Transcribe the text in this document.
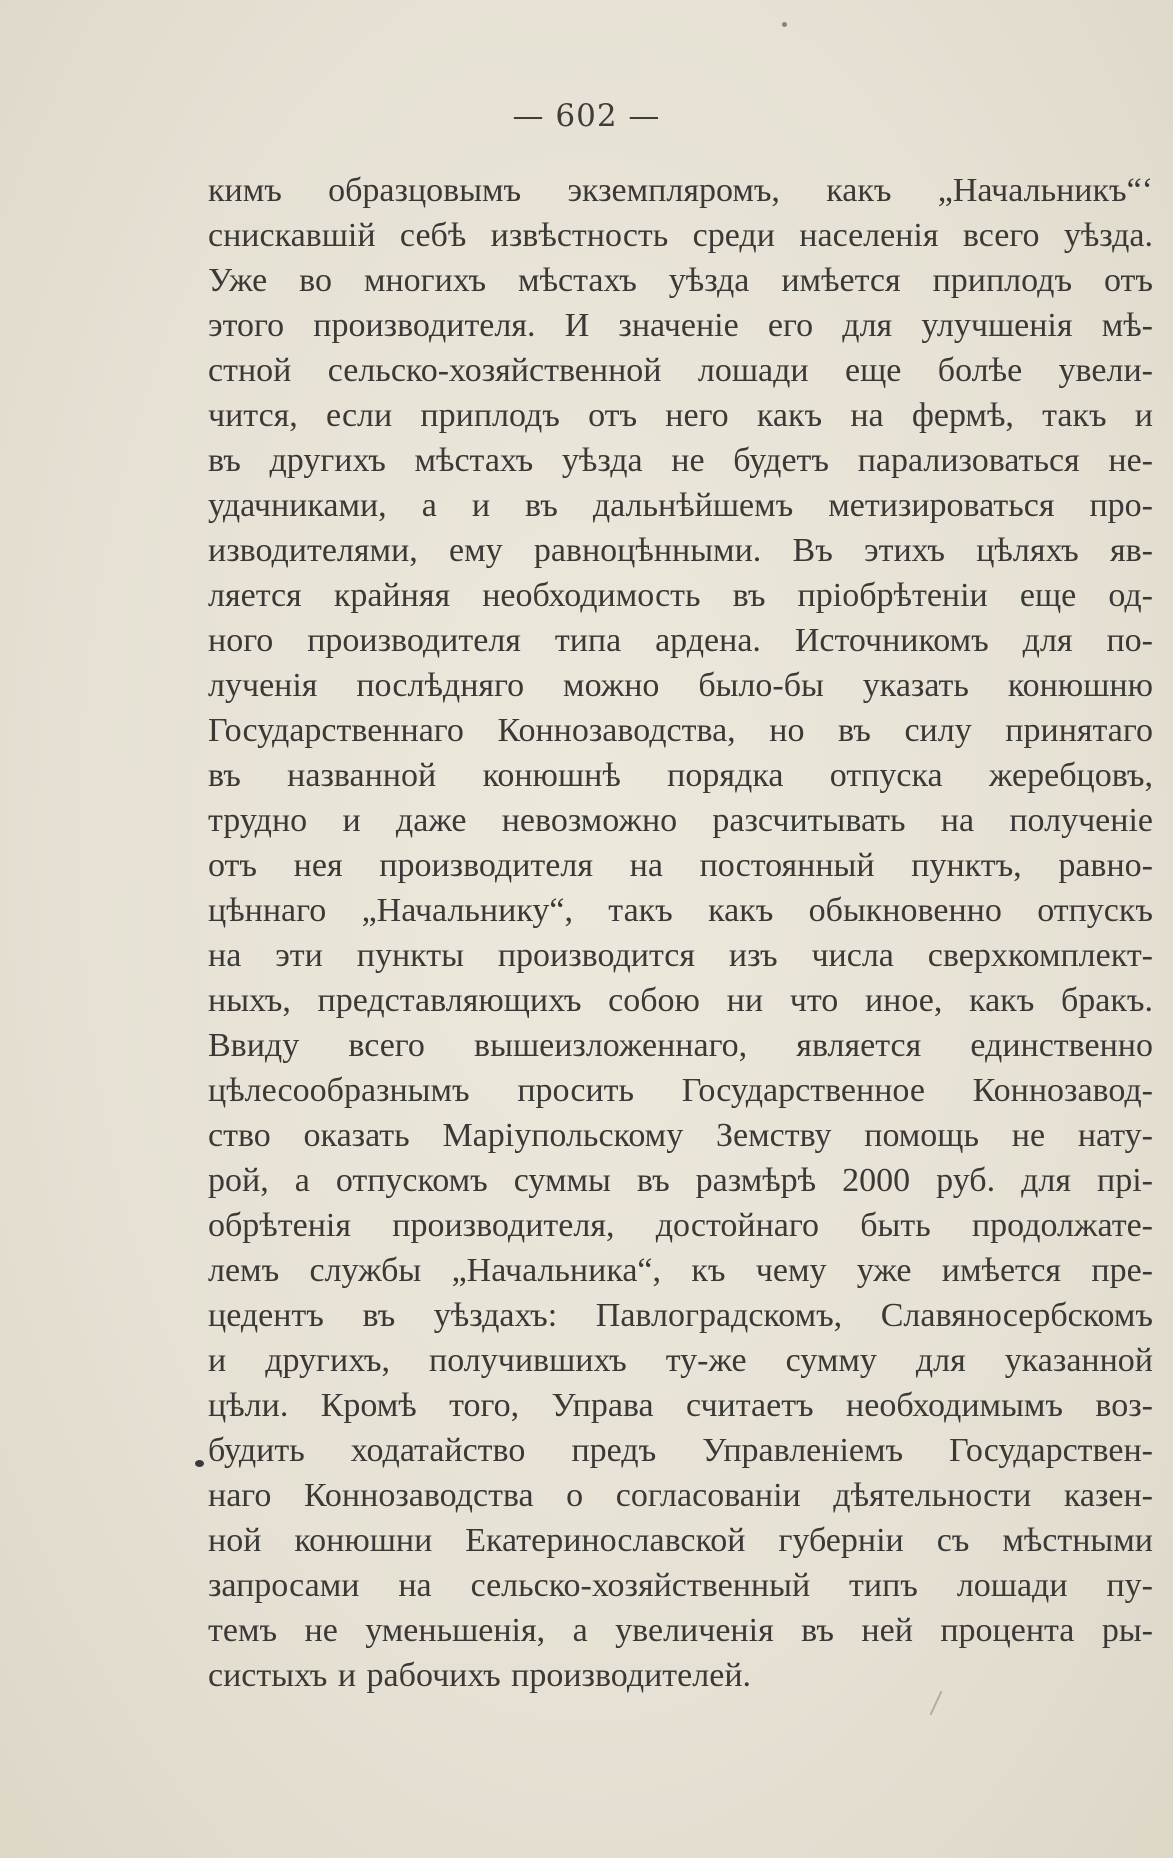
— 602 —
кимъ образцовымъ экземпляромъ, какъ „Начальникъ“‘
снискавшій себѣ извѣстность среди населенія всего уѣзда.
Уже во многихъ мѣстахъ уѣзда имѣется приплодъ отъ
этого производителя. И значеніе его для улучшенія мѣ-
стной сельско-хозяйственной лошади еще болѣе увели-
чится, если приплодъ отъ него какъ на фермѣ, такъ и
въ другихъ мѣстахъ уѣзда не будетъ парализоваться не-
удачниками, а и въ дальнѣйшемъ метизироваться про-
изводителями, ему равноцѣнными. Въ этихъ цѣляхъ яв-
ляется крайняя необходимость въ пріобрѣтеніи еще од-
ного производителя типа ардена. Источникомъ для по-
лученія послѣдняго можно было-бы указать конюшню
Государственнаго Коннозаводства, но въ силу принятаго
въ названной конюшнѣ порядка отпуска жеребцовъ,
трудно и даже невозможно разсчитывать на полученіе
отъ нея производителя на постоянный пунктъ, равно-
цѣннаго „Начальнику“, такъ какъ обыкновенно отпускъ
на эти пункты производится изъ числа сверхкомплект-
ныхъ, представляющихъ собою ни что иное, какъ бракъ.
Ввиду всего вышеизложеннаго, является единственно
цѣлесообразнымъ просить Государственное Коннозавод-
ство оказать Маріупольскому Земству помощь не нату-
рой, а отпускомъ суммы въ размѣрѣ 2000 руб. для прі-
обрѣтенія производителя, достойнаго быть продолжате-
лемъ службы „Начальника“, къ чему уже имѣется пре-
цедентъ въ уѣздахъ: Павлоградскомъ, Славяносербскомъ
и другихъ, получившихъ ту-же сумму для указанной
цѣли. Кромѣ того, Управа считаетъ необходимымъ воз-
будить ходатайство предъ Управленіемъ Государствен-
наго Коннозаводства о согласованіи дѣятельности казен-
ной конюшни Екатеринославской губерніи съ мѣстными
запросами на сельско-хозяйственный типъ лошади пу-
темъ не уменьшенія, а увеличенія въ ней процента ры-
систыхъ и рабочихъ производителей.
